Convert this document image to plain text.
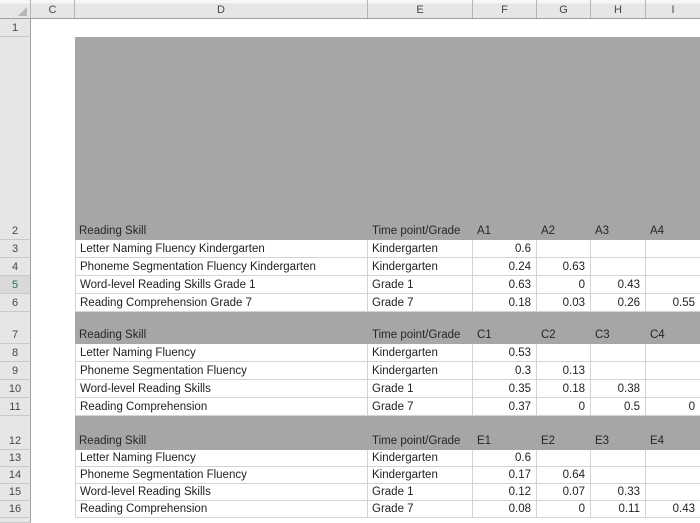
C	D	E	F	G	H	I
1
2	Reading Skill	Time point/Grade	A1	A2	A3	A4
3	Letter Naming Fluency Kindergarten	Kindergarten	0.6
4	Phoneme Segmentation Fluency Kindergarten	Kindergarten	0.24	0.63
5	Word-level Reading Skills Grade 1	Grade 1	0.63	0	0.43
6	Reading Comprehension Grade 7	Grade 7	0.18	0.03	0.26	0.55
7	Reading Skill	Time point/Grade	C1	C2	C3	C4
8	Letter Naming Fluency	Kindergarten	0.53
9	Phoneme Segmentation Fluency	Kindergarten	0.3	0.13
10	Word-level Reading Skills	Grade 1	0.35	0.18	0.38
11	Reading Comprehension	Grade 7	0.37	0	0.5	0
12	Reading Skill	Time point/Grade	E1	E2	E3	E4
13	Letter Naming Fluency	Kindergarten	0.6
14	Phoneme Segmentation Fluency	Kindergarten	0.17	0.64
15	Word-level Reading Skills	Grade 1	0.12	0.07	0.33
16	Reading Comprehension	Grade 7	0.08	0	0.11	0.43
